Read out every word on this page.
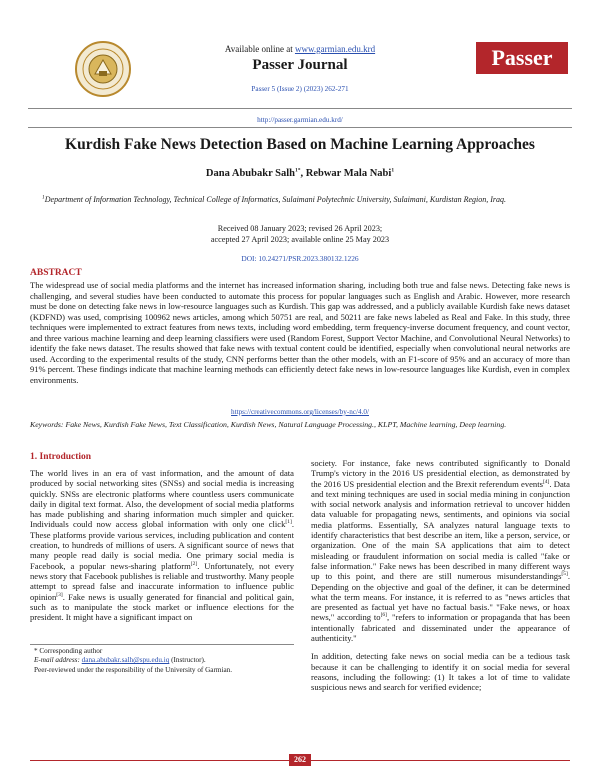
Available online at www.garmian.edu.krd
Passer Journal
Passer 5 (Issue 2) (2023) 262-271
Passer
http://passer.garmian.edu.krd/
Kurdish Fake News Detection Based on Machine Learning Approaches
Dana Abubakr Salh$^{1*}$, Rebwar Mala Nabi$^1$
$^1$Department of Information Technology, Technical College of Informatics, Sulaimani Polytechnic University, Sulaimani, Kurdistan Region, Iraq.
Received 08 January 2023; revised 26 April 2023;
accepted 27 April 2023; available online 25 May 2023
DOI: 10.24271/PSR.2023.380132.1226
ABSTRACT
The widespread use of social media platforms and the internet has increased information sharing, including both true and false news. Detecting fake news is challenging, and several studies have been conducted to automate this process for popular languages such as English and Arabic. However, more research must be done on detecting fake news in low-resource languages such as Kurdish. This gap was addressed, and a publicly available Kurdish fake news dataset (KDFND) was used, comprising 100962 news articles, among which 50751 are real, and 50211 are fake news labeled as Real and Fake. In this study, three techniques were implemented to extract features from news texts, including word embedding, term frequency-inverse document frequency, and count vector, and three various machine learning and deep learning classifiers were used (Random Forest, Support Vector Machine, and Convolutional Neural Networks) to identify the fake news dataset. The results showed that fake news with textual content could be identified, especially when convolutional neural networks are used. According to the experimental results of the study, CNN performs better than the other models, with an F1-score of 95% and an accuracy of more than 91% percent. These findings indicate that machine learning methods can efficiently detect fake news in low-resource languages like Kurdish, even in complex environments.
https://creativecommons.org/licenses/by-nc/4.0/
Keywords: Fake News, Kurdish Fake News, Text Classification, Kurdish News, Natural Language Processing., KLPT, Machine learning, Deep learning.
1. Introduction

The world lives in an era of vast information, and the amount of data produced by social networking sites (SNSs) and social media is increasing quickly. SNSs are electronic platforms where countless users communicate daily in digital text format. Also, the development of social media platforms has made publishing and sharing information much simpler and quicker. Individuals could now access global information with only one click[1]. These platforms provide various services, including publication and content creation, to hundreds of millions of users. A significant source of news that many people read daily is social media. One primary social media is Facebook, a popular news-sharing platform[2]. Unfortunately, not every news story that Facebook publishes is reliable and trustworthy. Many people attempt to spread false and inaccurate information to influence public opinion[3]. Fake news is usually generated for financial and political gain, such as to manipulate the stock market or influence elections for the president. It might have a significant impact on

society. For instance, fake news contributed significantly to Donald Trump's victory in the 2016 US presidential election, as demonstrated by the 2016 US presidential election and the Brexit referendum events[4]. Data and text mining techniques are used in social media mining in conjunction with social network analysis and information retrieval to uncover hidden data valuable for propagating news, sentiments, and opinions via social media platforms. Essentially, SA analyzes natural language texts to identify characteristics that best describe an item, like a person, service, or organization. One of the main SA applications that aim to detect misleading or fraudulent information on social media is called "fake or false information." Fake news has been described in many different ways up to this point, and there are still numerous misunderstandings[5]. Depending on the objective and goal of the definer, it can be determined what the term means. For instance, it is referred to as "news articles that are presented as factual yet have no factual basis." "Fake news, or hoax news," according to[6], "refers to information or propaganda that has been intentionally fabricated and disseminated under the appearance of authenticity."

In addition, detecting fake news on social media can be a tedious task because it can be challenging to identify it on social media for several reasons, including the following: (1) It takes a lot of time to validate suspicious news and search for verified evidence;

* Corresponding author
E-mail address: dana.abubakr.salh@spu.edu.iq (Instructor).
Peer-reviewed under the responsibility of the University of Garmian.
262
